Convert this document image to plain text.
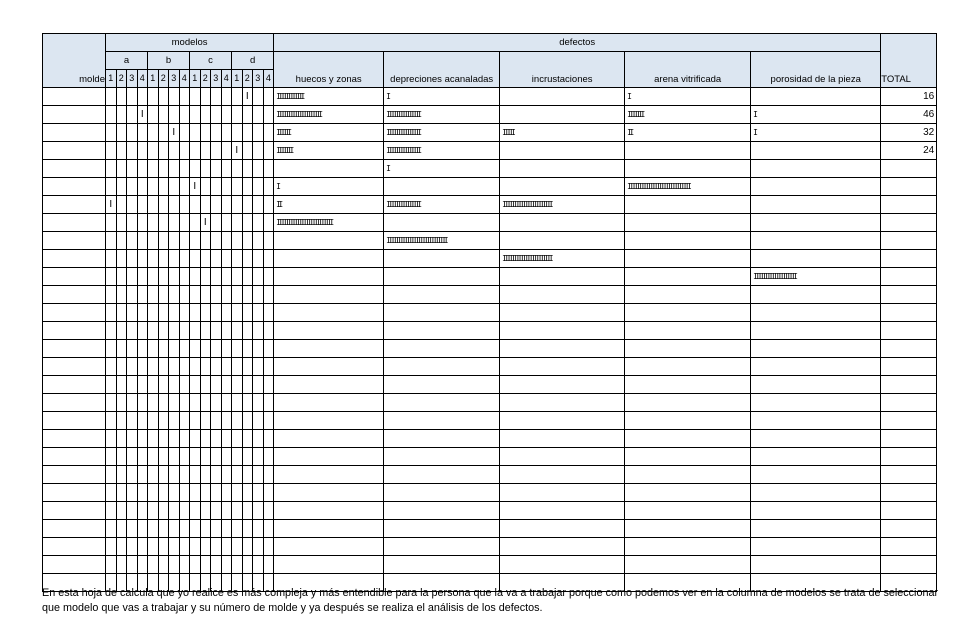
molde	modelos																defectos					TOTAL
	a				b				c				d				huecos y zonas	depreciones acanaladas	incrustaciones	arena vitrificada	porosidad de la pieza	
	1	2	3	4	1	2	3	4	1	2	3	4	1	2	3	4						
														I			IIIIIIIIIIII	I		I		16
				I													IIIIIIIIIIIIIIIIIIII	IIIIIIIIIIIIIII		IIIIIII	I	46
							I										IIIIII	IIIIIIIIIIIIIII	IIIII	II	I	32
													I				IIIIIII	IIIIIIIIIIIIIII				24
																		I				
									I								I			IIIIIIIIIIIIIIIIIIIIIIIIIIII		
	I																II	IIIIIIIIIIIIIII	IIIIIIIIIIIIIIIIIIIIII			
										I							IIIIIIIIIIIIIIIIIIIIIIIII					
																		IIIIIIIIIIIIIIIIIIIIIIIIIII				
																			IIIIIIIIIIIIIIIIIIIIII			
																					IIIIIIIIIIIIIIIIIII	

En esta hoja de calcula que yo realice es más compleja y más entendible para la persona que la va a trabajar porque como podemos ver en la columna de modelos se trata de seleccionar que modelo que vas a trabajar y su número de molde y ya después se realiza el análisis de los defectos.
